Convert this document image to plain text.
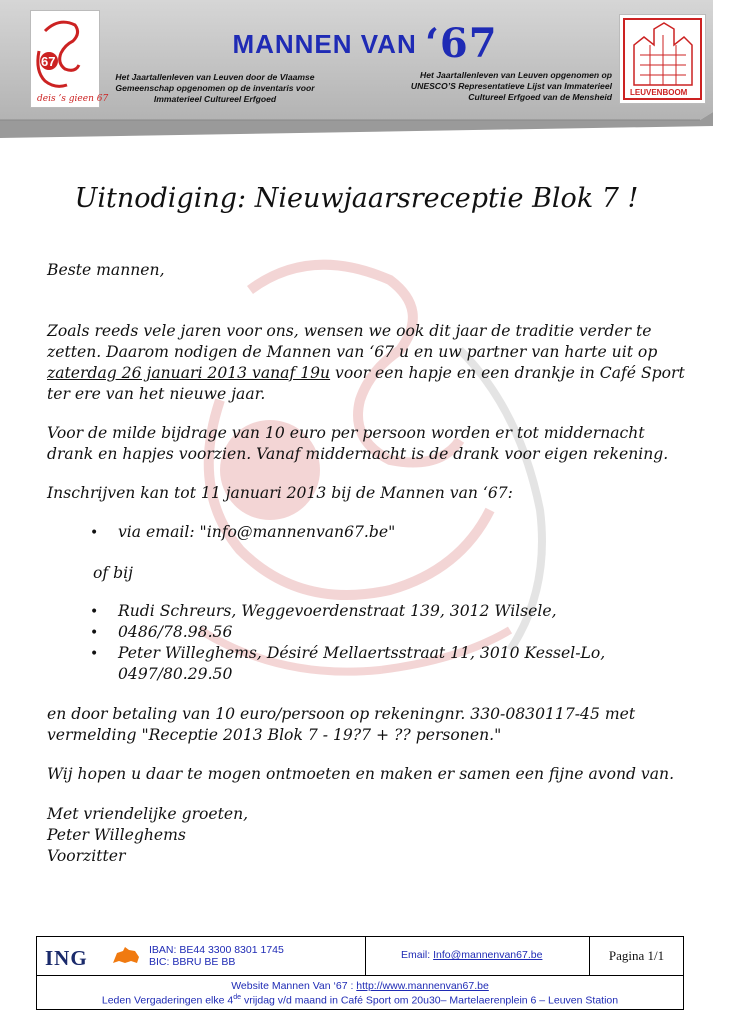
67
deis ’s gieen 67
MANNEN VAN ‘67
Het Jaartallenleven van Leuven door de Vlaamse Gemeenschap opgenomen op de inventaris voor Immaterieel Cultureel Erfgoed
Het Jaartallenleven van Leuven opgenomen op UNESCO’S Representatieve Lijst van Immaterieel Cultureel Erfgoed van de Mensheid LEUVENBOOM
Uitnodiging: Nieuwjaarsreceptie Blok 7 !
Beste mannen,
Zoals reeds vele jaren voor ons, wensen we ook dit jaar de traditie verder te
zetten. Daarom nodigen de Mannen van ‘67 u en uw partner van harte uit op
zaterdag 26 januari 2013 vanaf 19u voor een hapje en een drankje in Café Sport
ter ere van het nieuwe jaar.
Voor de milde bijdrage van 10 euro per persoon worden er tot middernacht
drank en hapjes voorzien. Vanaf middernacht is de drank voor eigen rekening.
Inschrijven kan tot 11 januari 2013 bij de Mannen van ‘67:
• via email: "info@mannenvan67.be"
of bij
• Rudi Schreurs, Weggevoerdenstraat 139, 3012 Wilsele,
• 0486/78.98.56
• Peter Willeghems, Désiré Mellaertsstraat 11, 3010 Kessel-Lo,
0497/80.29.50
en door betaling van 10 euro/persoon op rekeningnr. 330-0830117-45 met
vermelding "Receptie 2013 Blok 7 - 19?7 + ?? personen."
Wij hopen u daar te mogen ontmoeten en maken er samen een fijne avond van.
Met vriendelijke groeten,
Peter Willeghems
Voorzitter
ING	IBAN: BE44 3300 8301 1745
BIC: BBRU BE BB
Email: Info@mannenvan67.be	Pagina 1/1
Website Mannen Van ‘67 : http://www.mannenvan67.be
Leden Vergaderingen elke 4de vrijdag v/d maand in Café Sport om 20u30– Martelaerenplein 6 – Leuven Station
